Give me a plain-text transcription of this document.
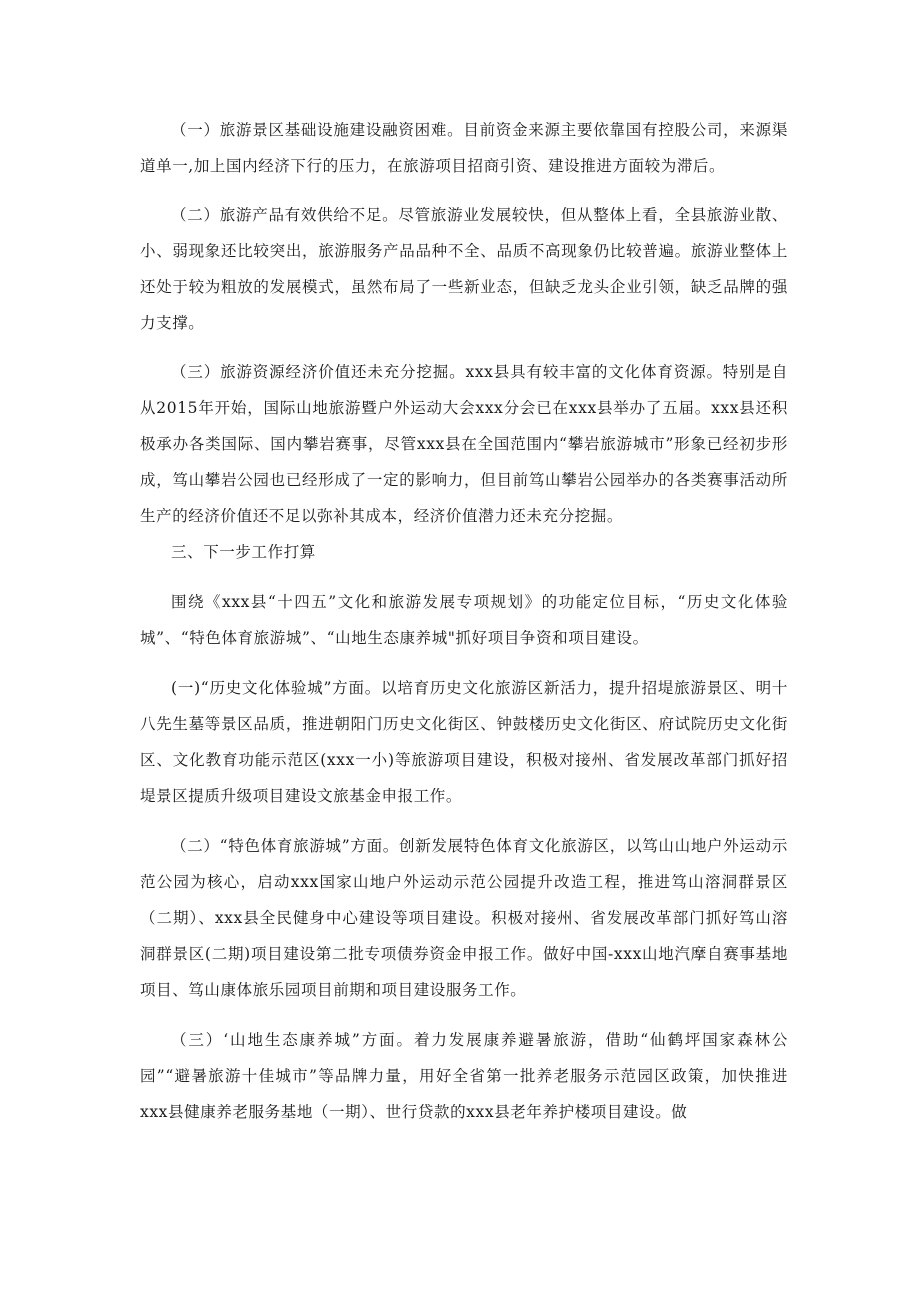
（一）旅游景区基础设施建设融资困难。目前资金来源主要依靠国有控股公司，来源渠道单一,加上国内经济下行的压力，在旅游项目招商引资、建设推进方面较为滞后。

（二）旅游产品有效供给不足。尽管旅游业发展较快，但从整体上看，全县旅游业散、小、弱现象还比较突出，旅游服务产品品种不全、品质不高现象仍比较普遍。旅游业整体上还处于较为粗放的发展模式，虽然布局了一些新业态，但缺乏龙头企业引领，缺乏品牌的强力支撑。

（三）旅游资源经济价值还未充分挖掘。xxx县具有较丰富的文化体育资源。特别是自从2015年开始，国际山地旅游暨户外运动大会xxx分会已在xxx县举办了五届。xxx县还积极承办各类国际、国内攀岩赛事，尽管xxx县在全国范围内“攀岩旅游城市”形象已经初步形成，笃山攀岩公园也已经形成了一定的影响力，但目前笃山攀岩公园举办的各类赛事活动所生产的经济价值还不足以弥补其成本，经济价值潜力还未充分挖掘。

三、下一步工作打算

围绕《xxx县“十四五”文化和旅游发展专项规划》的功能定位目标，“历史文化体验城”、“特色体育旅游城”、“山地生态康养城"抓好项目争资和项目建设。

(一)“历史文化体验城”方面。以培育历史文化旅游区新活力，提升招堤旅游景区、明十八先生墓等景区品质，推进朝阳门历史文化街区、钟鼓楼历史文化街区、府试院历史文化街区、文化教育功能示范区(xxx一小)等旅游项目建设，积极对接州、省发展改革部门抓好招堤景区提质升级项目建设文旅基金申报工作。

（二）“特色体育旅游城”方面。创新发展特色体育文化旅游区，以笃山山地户外运动示范公园为核心，启动xxx国家山地户外运动示范公园提升改造工程，推进笃山溶洞群景区（二期）、xxx县全民健身中心建设等项目建设。积极对接州、省发展改革部门抓好笃山溶洞群景区(二期)项目建设第二批专项债券资金申报工作。做好中国-xxx山地汽摩自赛事基地项目、笃山康体旅乐园项目前期和项目建设服务工作。

（三）‘山地生态康养城”方面。着力发展康养避暑旅游，借助“仙鹤坪国家森林公园”“避暑旅游十佳城市”等品牌力量，用好全省第一批养老服务示范园区政策，加快推进xxx县健康养老服务基地（一期）、世行贷款的xxx县老年养护楼项目建设。做
